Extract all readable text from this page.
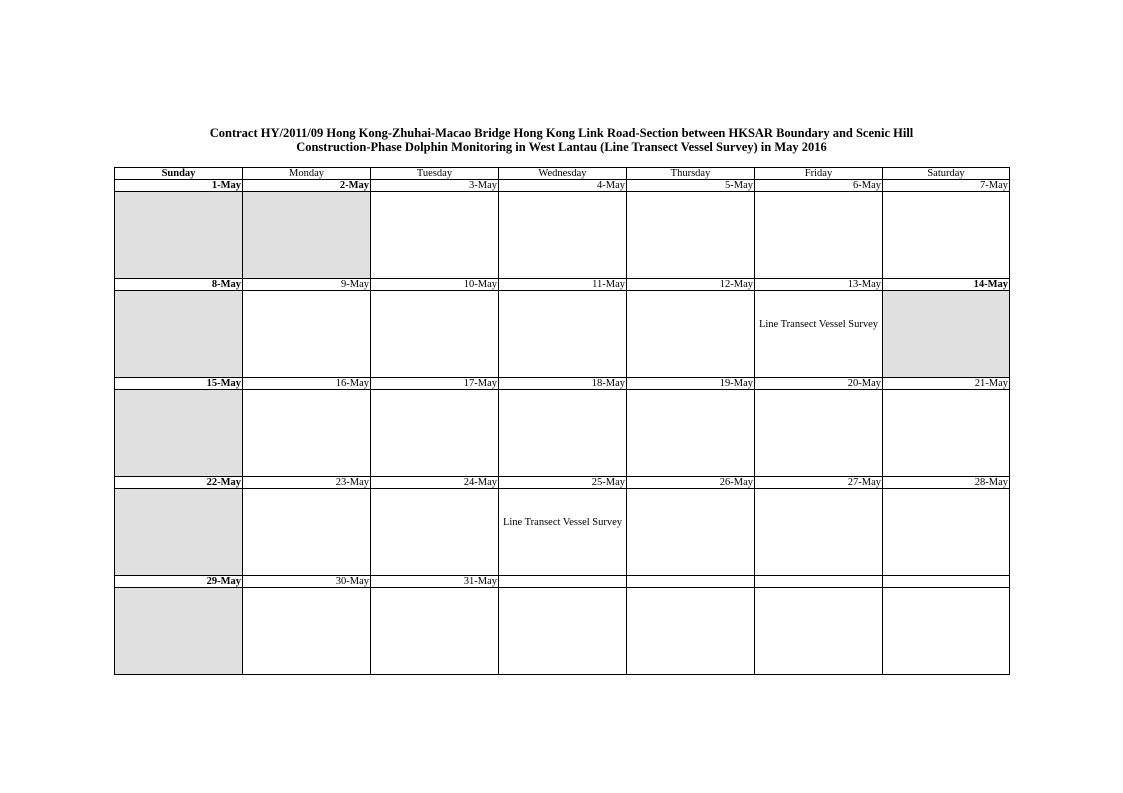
Contract HY/2011/09 Hong Kong-Zhuhai-Macao Bridge Hong Kong Link Road-Section between HKSAR Boundary and Scenic Hill
Construction-Phase Dolphin Monitoring in West Lantau (Line Transect Vessel Survey) in May 2016
Sunday	Monday	Tuesday	Wednesday	Thursday	Friday	Saturday
1-May	2-May	3-May	4-May	5-May	6-May	7-May

8-May	9-May	10-May	11-May	12-May	13-May	14-May

					Line Transect Vessel Survey	

15-May	16-May	17-May	18-May	19-May	20-May	21-May

22-May	23-May	24-May	25-May	26-May	27-May	28-May

			Line Transect Vessel Survey			

29-May	30-May	31-May				
